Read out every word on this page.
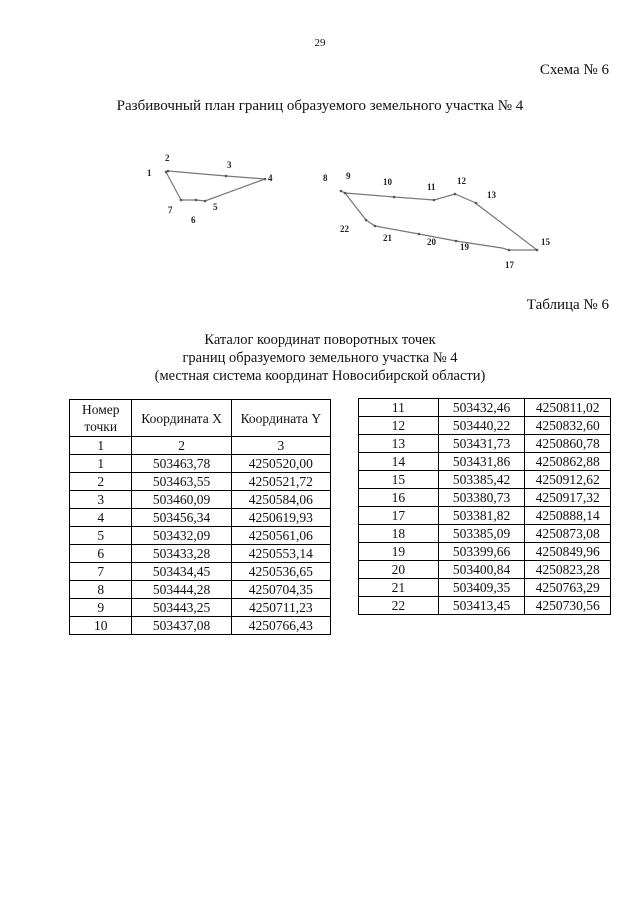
29
Схема № 6
Разбивочный план границ образуемого земельного участка № 4
1
2
3
4
5
6
7
8 9
10	11
12
13
15
17
19
20
21
22
Таблица № 6
Каталог координат поворотных точек
границ образуемого земельного участка № 4
(местная система координат Новосибирской области)
Номер точки	Координата X	Координата Y
1	2	3
1	503463,78	4250520,00
2	503463,55	4250521,72
3	503460,09	4250584,06
4	503456,34	4250619,93
5	503432,09	4250561,06
6	503433,28	4250553,14
7	503434,45	4250536,65
8	503444,28	4250704,35
9	503443,25	4250711,23
10	503437,08	4250766,43
11	503432,46	4250811,02
12	503440,22	4250832,60
13	503431,73	4250860,78
14	503431,86	4250862,88
15	503385,42	4250912,62
16	503380,73	4250917,32
17	503381,82	4250888,14
18	503385,09	4250873,08
19	503399,66	4250849,96
20	503400,84	4250823,28
21	503409,35	4250763,29
22	503413,45	4250730,56
